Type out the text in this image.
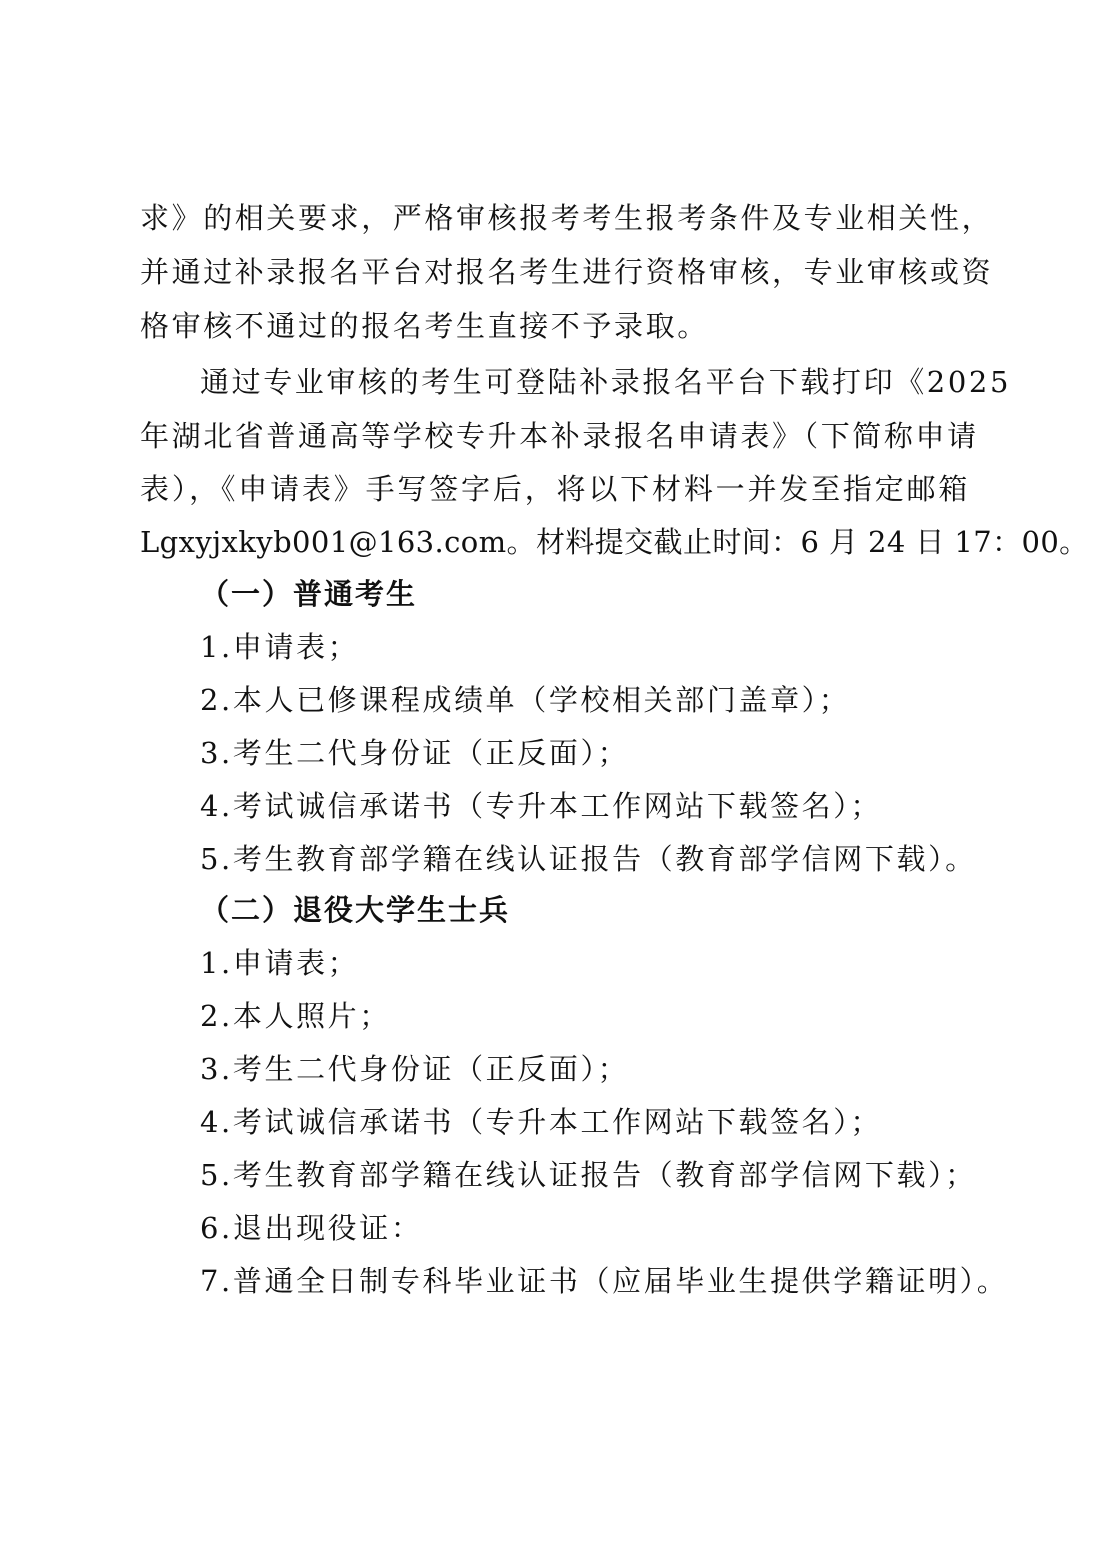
求》的相关要求，严格审核报考考生报考条件及专业相关性，
并通过补录报名平台对报名考生进行资格审核，专业审核或资
格审核不通过的报名考生直接不予录取。
通过专业审核的考生可登陆补录报名平台下载打印《2025
年湖北省普通高等学校专升本补录报名申请表》（下简称申请
表），《申请表》手写签字后，将以下材料一并发至指定邮箱
Lgxyjxkyb001@163.com。材料提交截止时间：6 月 24 日 17：00。
（一）普通考生
1.申请表；
2.本人已修课程成绩单（学校相关部门盖章）；
3.考生二代身份证（正反面）；
4.考试诚信承诺书（专升本工作网站下载签名）；
5.考生教育部学籍在线认证报告（教育部学信网下载）。
（二）退役大学生士兵
1.申请表；
2.本人照片；
3.考生二代身份证（正反面）；
4.考试诚信承诺书（专升本工作网站下载签名）；
5.考生教育部学籍在线认证报告（教育部学信网下载）；
6.退出现役证：
7.普通全日制专科毕业证书（应届毕业生提供学籍证明）。
